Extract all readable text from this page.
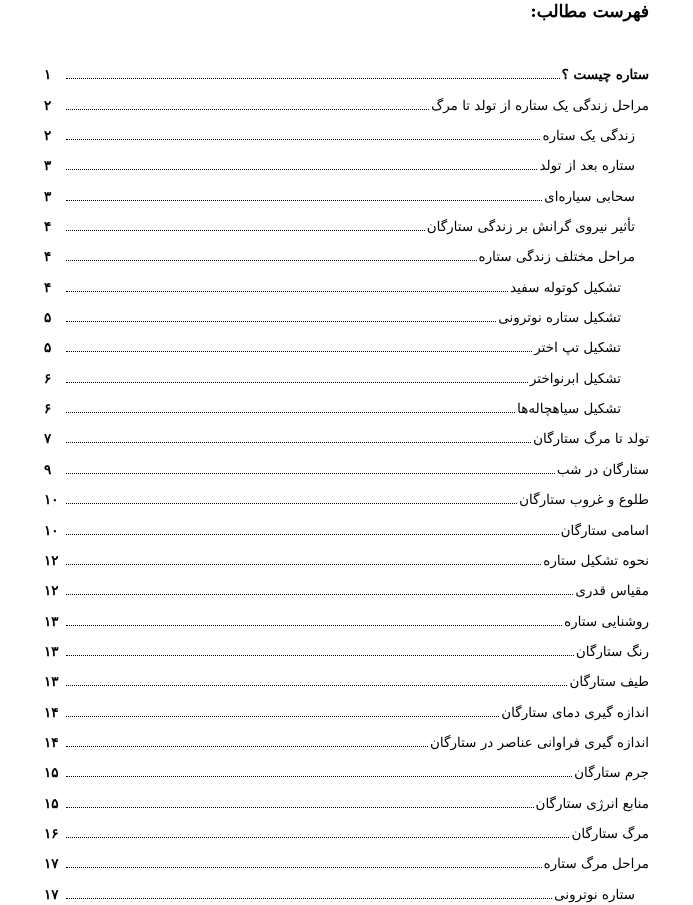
فهرست مطالب:
ستاره چیست ؟
۱
مراحل زندگی یک ستاره از تولد تا مرگ
۲
زندگی یک ستاره
۲
ستاره بعد از تولد
۳
سحابی سیاره‌ای
۳
تأثیر نیروی گرانش بر زندگی ستارگان
۴
مراحل مختلف زندگی ستاره
۴
تشکیل کوتوله سفید
۴
تشکیل ستاره نوترونی
۵
تشکیل تپ اختر
۵
تشکیل ابرنواختر
۶
تشکیل سیاهچاله‌ها
۶
تولد تا مرگ ستارگان
۷
ستارگان در شب
۹
طلوع و غروب ستارگان
۱۰
اسامی ستارگان
۱۰
نحوه تشکیل ستاره
۱۲
مقیاس قدری
۱۲
روشنایی ستاره
۱۳
رنگ ستارگان
۱۳
طیف ستارگان
۱۳
اندازه گیری دمای ستارگان
۱۴
اندازه گیری فراوانی عناصر در ستارگان
۱۴
جرم ستارگان
۱۵
منابع انرژی ستارگان
۱۵
مرگ ستارگان
۱۶
مراحل مرگ ستاره
۱۷
ستاره نوترونی
۱۷
